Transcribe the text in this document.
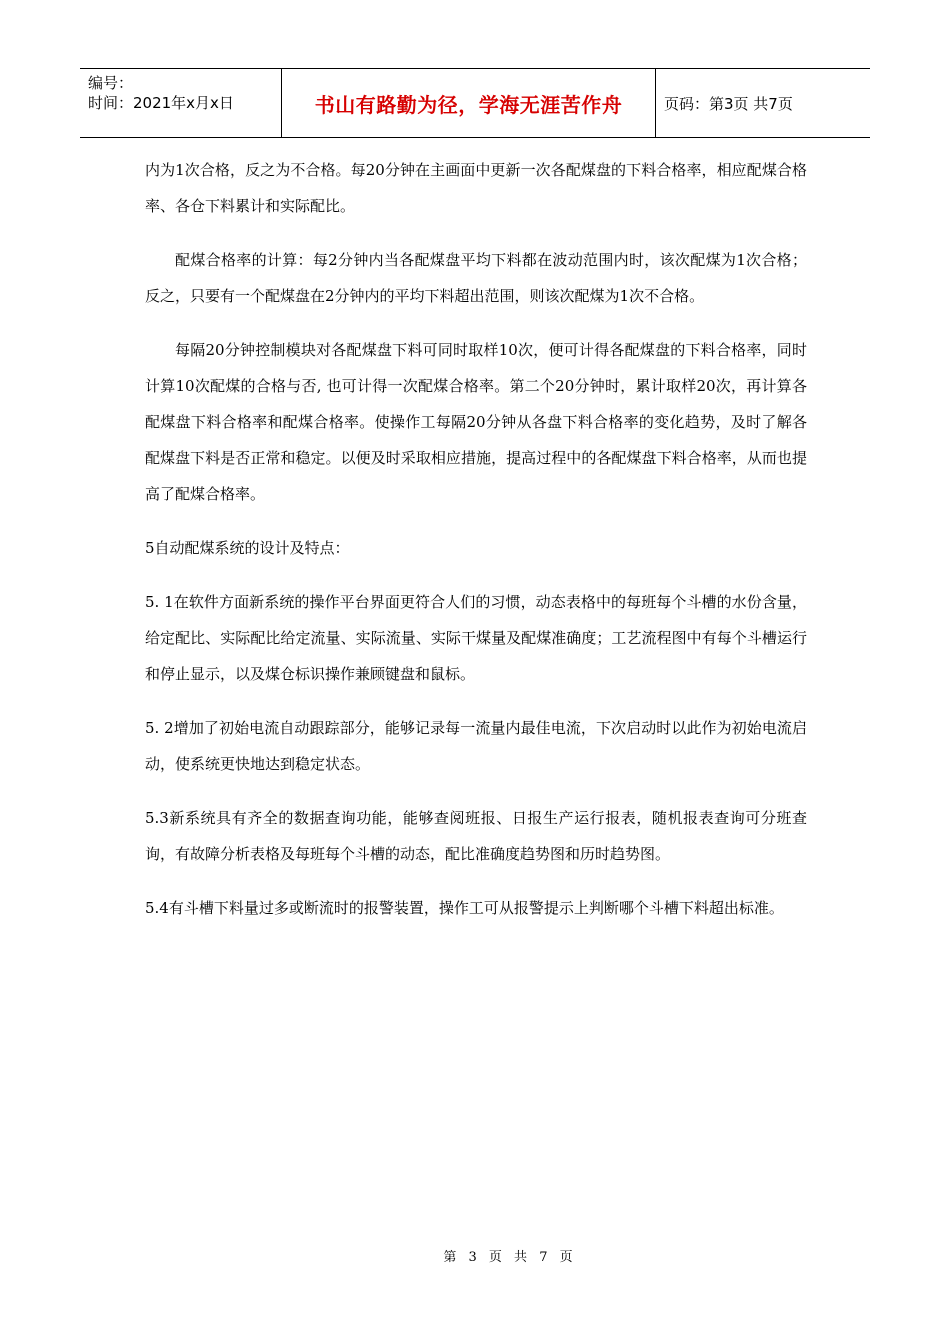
编号：
时间：2021年x月x日	书山有路勤为径，学海无涯苦作舟	页码：第3页 共7页

内为1次合格，反之为不合格。每20分钟在主画面中更新一次各配煤盘的下料合格率，相应配煤合格率、各仓下料累计和实际配比。

配煤合格率的计算：每2分钟内当各配煤盘平均下料都在波动范围内时，该次配煤为1次合格；反之，只要有一个配煤盘在2分钟内的平均下料超出范围，则该次配煤为1次不合格。

每隔20分钟控制模块对各配煤盘下料可同时取样10次，便可计得各配煤盘的下料合格率，同时计算10次配煤的合格与否, 也可计得一次配煤合格率。第二个20分钟时，累计取样20次，再计算各配煤盘下料合格率和配煤合格率。使操作工每隔20分钟从各盘下料合格率的变化趋势，及时了解各配煤盘下料是否正常和稳定。以便及时采取相应措施，提高过程中的各配煤盘下料合格率，从而也提高了配煤合格率。

5自动配煤系统的设计及特点：

5. 1在软件方面新系统的操作平台界面更符合人们的习惯，动态表格中的每班每个斗槽的水份含量，给定配比、实际配比给定流量、实际流量、实际干煤量及配煤准确度；工艺流程图中有每个斗槽运行和停止显示，以及煤仓标识操作兼顾键盘和鼠标。

5. 2增加了初始电流自动跟踪部分，能够记录每一流量内最佳电流，下次启动时以此作为初始电流启动，使系统更快地达到稳定状态。

5.3新系统具有齐全的数据查询功能，能够查阅班报、日报生产运行报表，随机报表查询可分班查询，有故障分析表格及每班每个斗槽的动态，配比准确度趋势图和历时趋势图。

5.4有斗槽下料量过多或断流时的报警装置，操作工可从报警提示上判断哪个斗槽下料超出标准。

第 3 页 共 7 页
